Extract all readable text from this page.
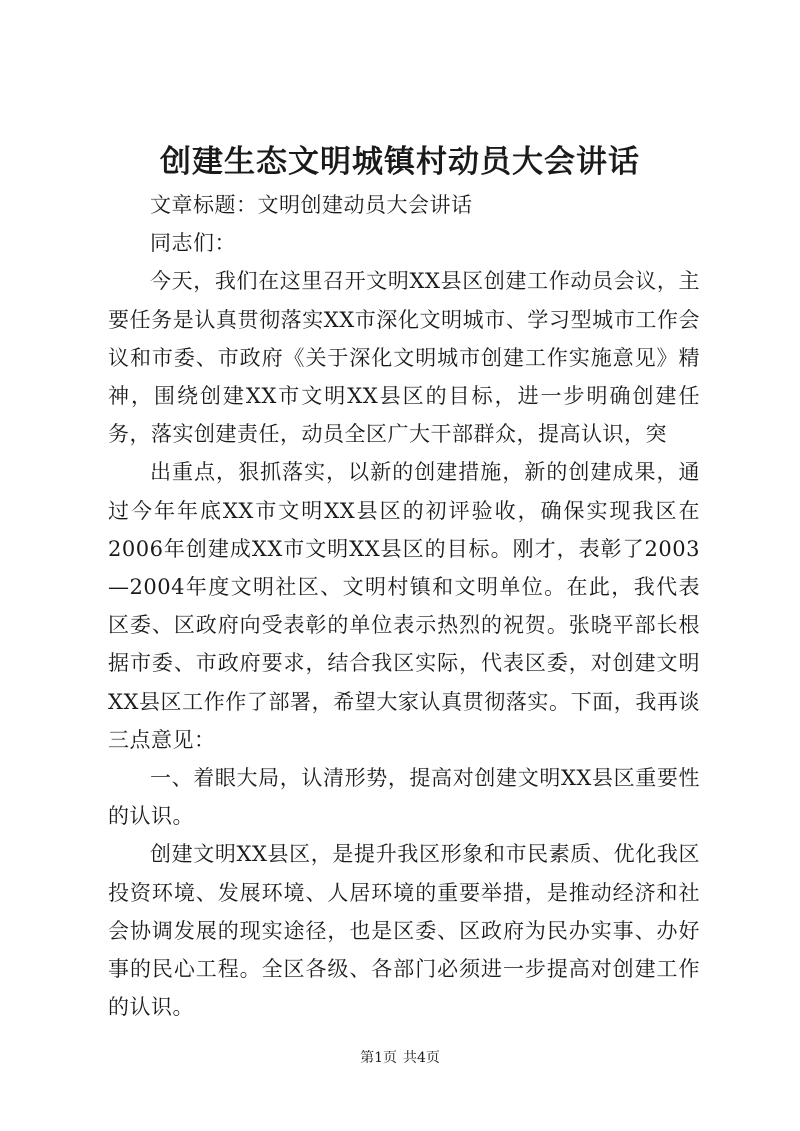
创建生态文明城镇村动员大会讲话

文章标题：文明创建动员大会讲话

同志们：

今天，我们在这里召开文明XX县区创建工作动员会议，主要任务是认真贯彻落实XX市深化文明城市、学习型城市工作会议和市委、市政府《关于深化文明城市创建工作实施意见》精神，围绕创建XX市文明XX县区的目标，进一步明确创建任务，落实创建责任，动员全区广大干部群众，提高认识，突

出重点，狠抓落实，以新的创建措施，新的创建成果，通过今年年底XX市文明XX县区的初评验收，确保实现我区在2006年创建成XX市文明XX县区的目标。刚才，表彰了2003—2004年度文明社区、文明村镇和文明单位。在此，我代表区委、区政府向受表彰的单位表示热烈的祝贺。张晓平部长根据市委、市政府要求，结合我区实际，代表区委，对创建文明XX县区工作作了部署，希望大家认真贯彻落实。下面，我再谈三点意见：

一、着眼大局，认清形势，提高对创建文明XX县区重要性的认识。

创建文明XX县区，是提升我区形象和市民素质、优化我区投资环境、发展环境、人居环境的重要举措，是推动经济和社会协调发展的现实途径，也是区委、区政府为民办实事、办好事的民心工程。全区各级、各部门必须进一步提高对创建工作的认识。

第1页 共4页
